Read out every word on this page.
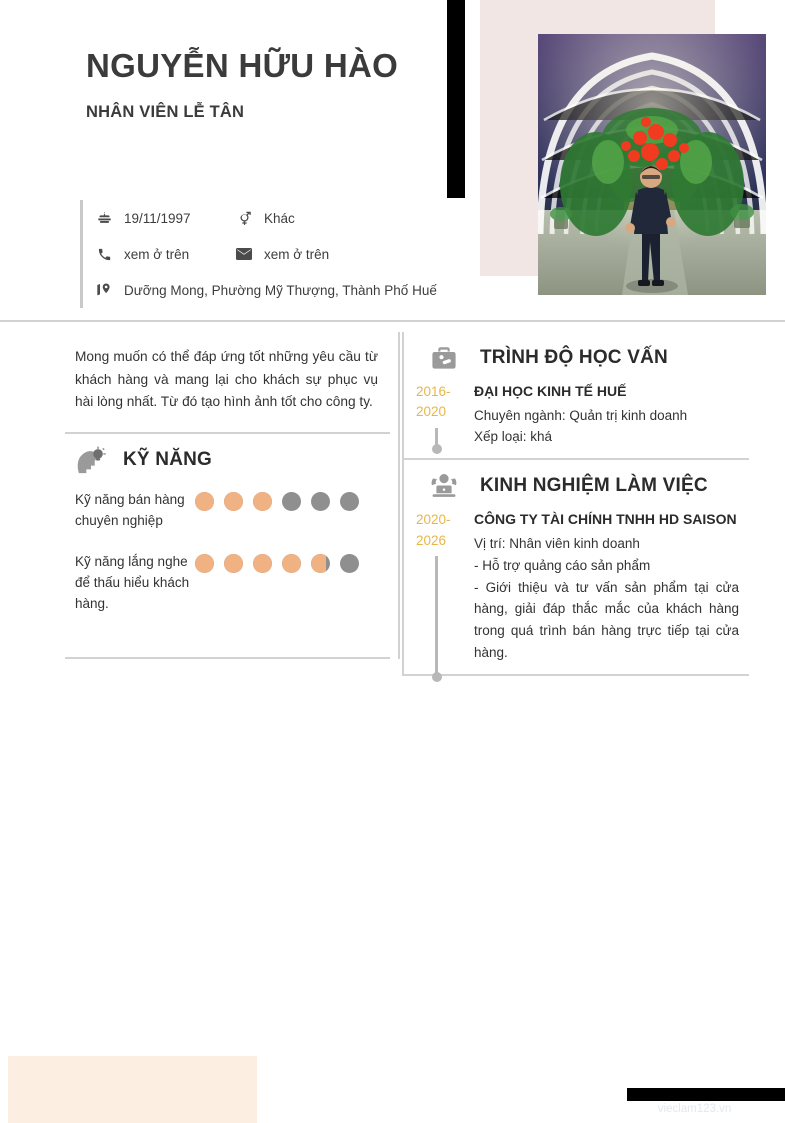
NGUYỄN HỮU HÀO
NHÂN VIÊN LỄ TÂN
19/11/1997	Khác
xem ở trên	xem ở trên
Dưỡng Mong, Phường Mỹ Thượng, Thành Phố Huế
Mong muốn có thể đáp ứng tốt những yêu cầu từ khách hàng và mang lại cho khách sự phục vụ hài lòng nhất. Từ đó tạo hình ảnh tốt cho công ty.
KỸ NĂNG
Kỹ năng bán hàng chuyên nghiệp
Kỹ năng lắng nghe để thấu hiểu khách hàng.
TRÌNH ĐỘ HỌC VẤN
2016-2020
ĐẠI HỌC KINH TẾ HUẾ
Chuyên ngành: Quản trị kinh doanh
Xếp loại: khá
KINH NGHIỆM LÀM VIỆC
2020-2026
CÔNG TY TÀI CHÍNH TNHH HD SAISON
Vị trí: Nhân viên kinh doanh
- Hỗ trợ quảng cáo sản phẩm
- Giới thiệu và tư vấn sản phẩm tại cửa hàng, giải đáp thắc mắc của khách hàng trong quá trình bán hàng trực tiếp tại cửa hàng.
vieclam123.vn
